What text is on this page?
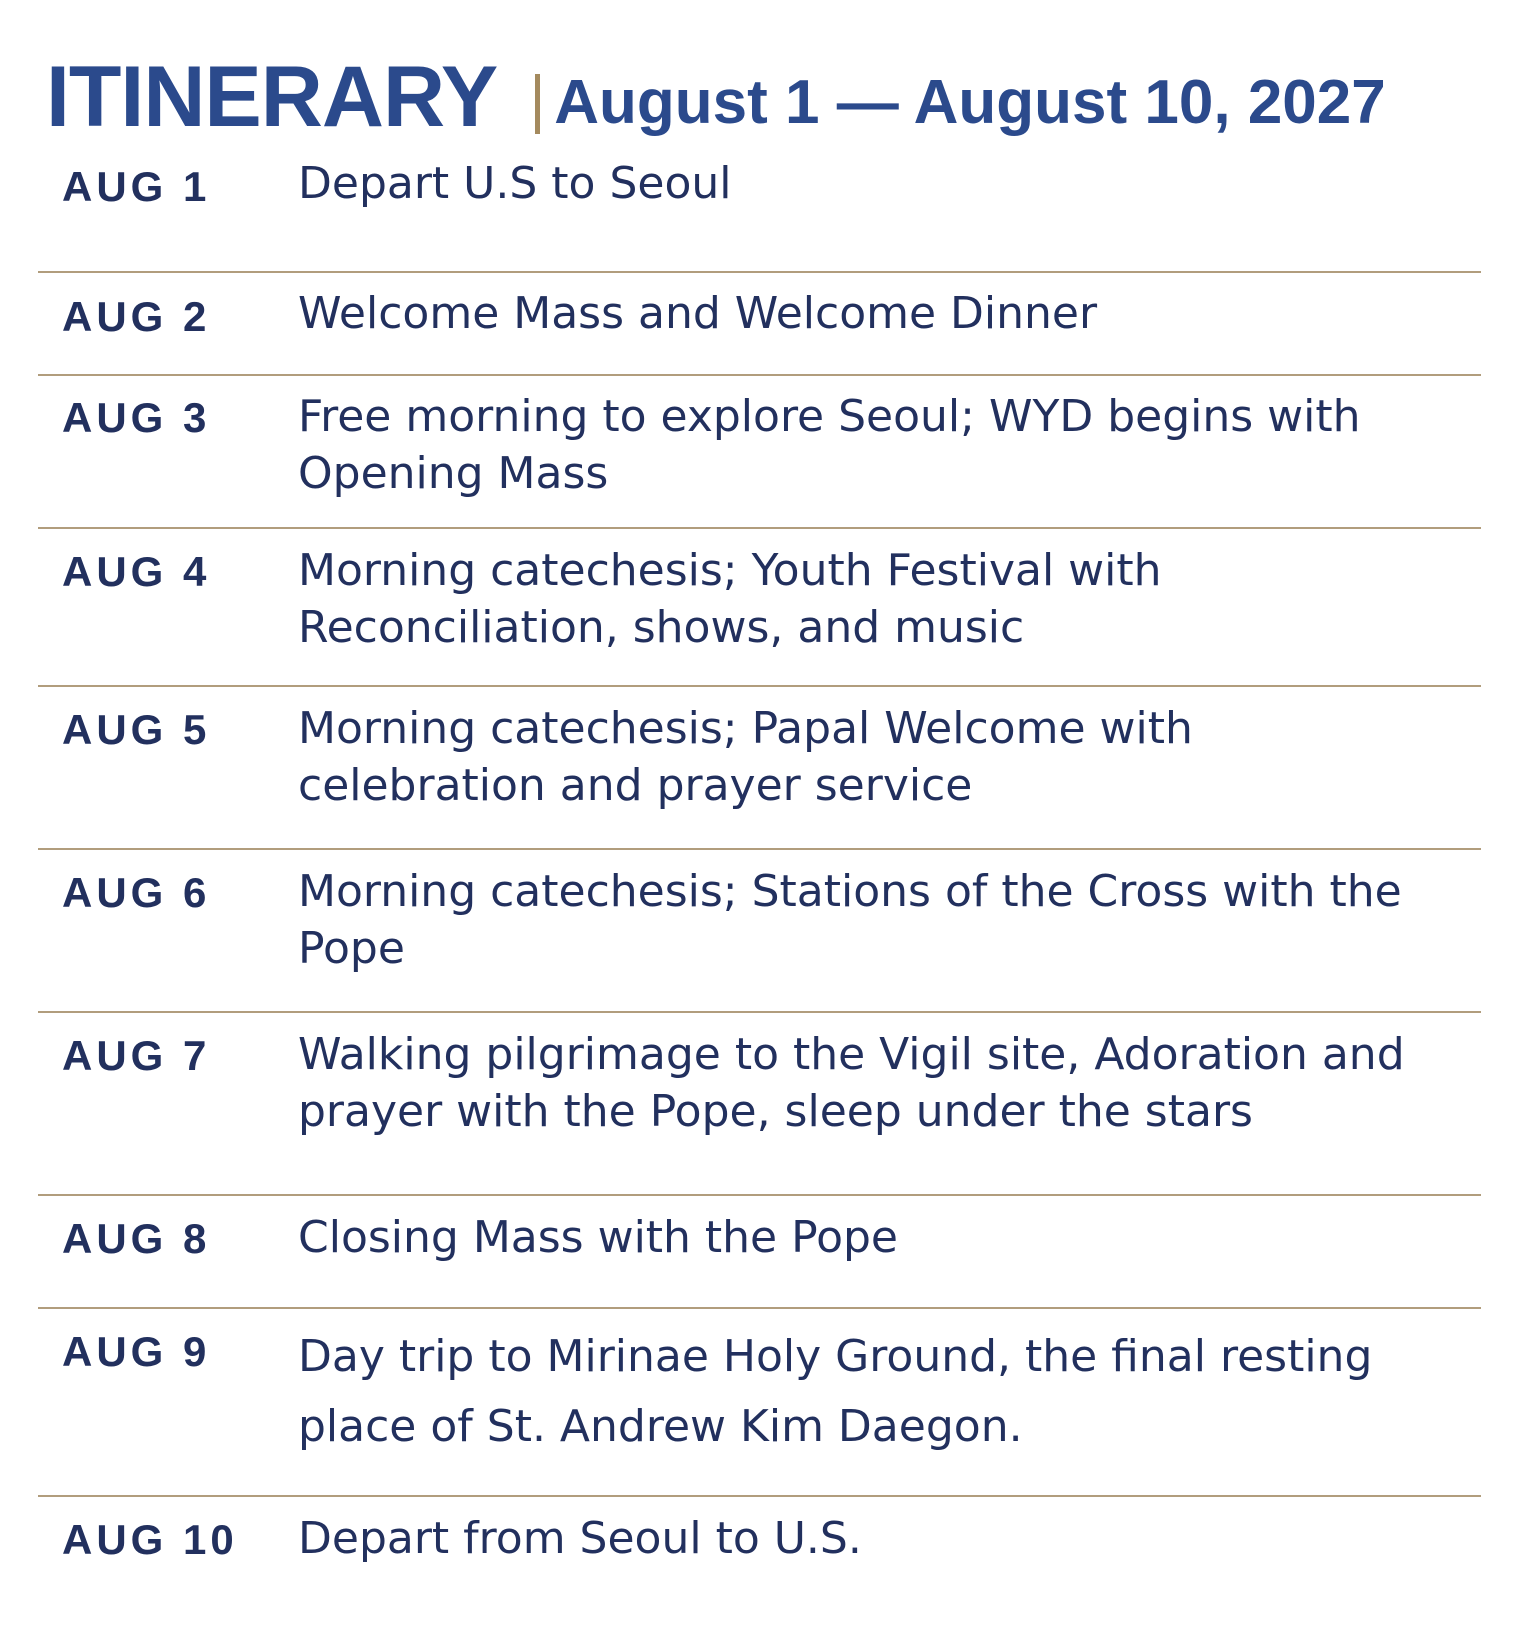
ITINERARY August 1 — August 10, 2027
AUG 1 Depart U.S to Seoul
AUG 2 Welcome Mass and Welcome Dinner
AUG 3 Free morning to explore Seoul; WYD begins with Opening Mass
AUG 4 Morning catechesis; Youth Festival with Reconciliation, shows, and music
AUG 5 Morning catechesis; Papal Welcome with celebration and prayer service
AUG 6 Morning catechesis; Stations of the Cross with the Pope
AUG 7 Walking pilgrimage to the Vigil site, Adoration and prayer with the Pope, sleep under the stars
AUG 8 Closing Mass with the Pope
AUG 9 Day trip to Mirinae Holy Ground, the final resting place of St. Andrew Kim Daegon.
AUG 10 Depart from Seoul to U.S.
